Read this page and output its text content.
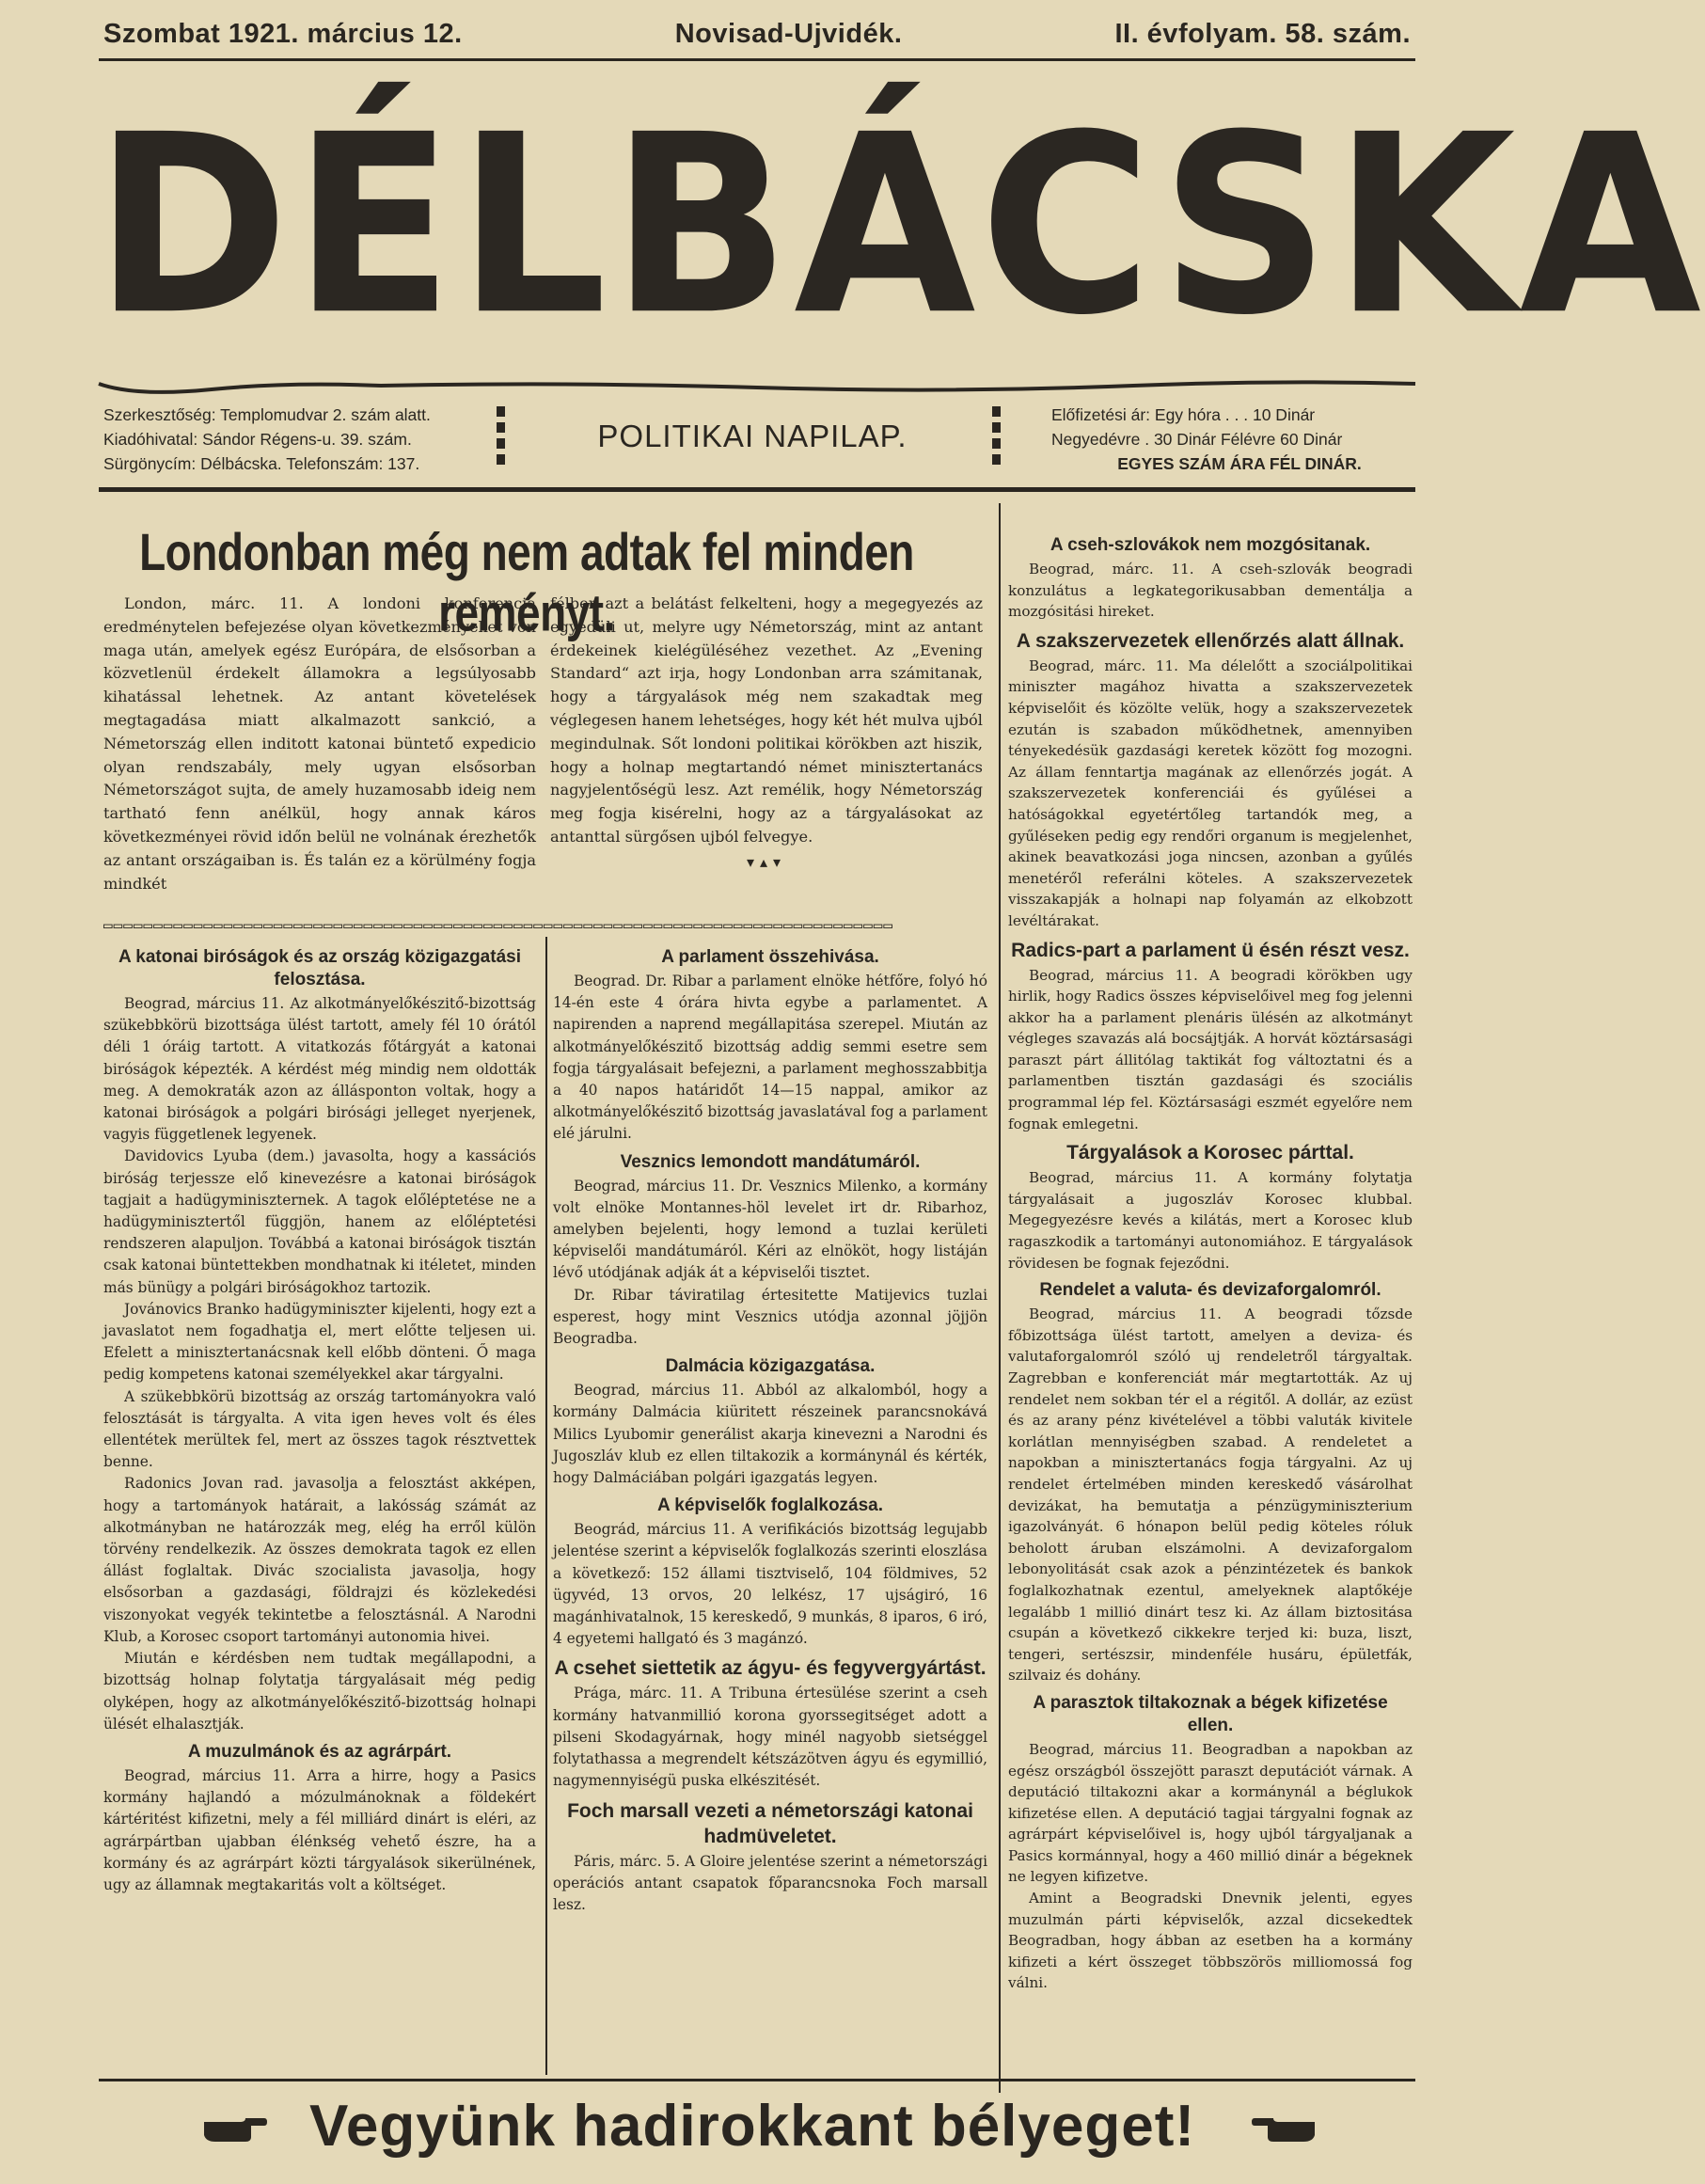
Szombat 1921. március 12.	Novisad-Ujvidék.	II. évfolyam. 58. szám.
DÉLBÁCSKA
Szerkesztőség: Templomudvar 2. szám alatt.
Kiadóhivatal: Sándor Régens-u. 39. szám.
Sürgönycím: Délbácska. Telefonszám: 137.
POLITIKAI NAPILAP.
Előfizetési ár: Egy hóra . . . 10 Dinár
Negyedévre . 30 Dinár Félévre 60 Dinár
EGYES SZÁM ÁRA FÉL DINÁR.
Londonban még nem adtak fel minden reményt.

London, márc. 11. A londoni konferencia eredménytelen befejezése olyan következményeket von maga után, amelyek egész Európára, de elsősorban a közvetlenül érdekelt államokra a legsúlyosabb kihatással lehetnek. Az antant követelések megtagadása miatt alkalmazott sankció, a Németország ellen inditott katonai büntető expedicio olyan rendszabály, mely ugyan elsősorban Németországot sujta, de amely huzamosabb ideig nem tartható fenn anélkül, hogy annak káros következményei rövid időn belül ne volnának érezhetők az antant országaiban is. És talán ez a körülmény fogja mindkét

félben azt a belátást felkelteni, hogy a megegyezés az egyedüli ut, melyre ugy Németország, mint az antant érdekeinek kielégüléséhez vezethet. Az „Evening Standard“ azt irja, hogy Londonban arra számitanak, hogy a tárgyalások még nem szakadtak meg véglegesen hanem lehetséges, hogy két hét mulva ujból megindulnak. Sőt londoni politikai körökben azt hiszik, hogy a holnap megtartandó német minisztertanács nagyjelentőségü lesz. Azt remélik, hogy Németország meg fogja kisérelni, hogy az a tárgyalásokat az antanttal sürgősen ujból felvegye.

▾▴▾
▭▭▭▭▭▭▭▭▭▭▭▭▭▭▭▭▭▭▭▭▭▭▭▭▭▭▭▭▭▭▭▭▭▭▭▭▭▭▭▭▭▭▭▭▭▭▭▭▭▭▭▭▭▭▭▭▭▭▭▭▭▭▭▭▭▭▭▭▭▭▭▭▭▭▭▭▭▭▭
A katonai biróságok és az ország közigazgatási felosztása.

Beograd, március 11. Az alkotmányelőkészitő-bizottság szükebbkörü bizottsága ülést tartott, amely fél 10 órától déli 1 óráig tartott. A vitatkozás főtárgyát a katonai biróságok képezték. A kérdést még mindig nem oldották meg. A demokraták azon az állásponton voltak, hogy a katonai biróságok a polgári birósági jelleget nyerjenek, vagyis függetlenek legyenek.

Davidovics Lyuba (dem.) javasolta, hogy a kassációs biróság terjessze elő kinevezésre a katonai biróságok tagjait a hadügyminiszternek. A tagok előléptetése ne a hadügyminisztertől függjön, hanem az előléptetési rendszeren alapuljon. Továbbá a katonai biróságok tisztán csak katonai büntettekben mondhatnak ki itéletet, minden más bünügy a polgári biróságokhoz tartozik.

Jovánovics Branko hadügyminiszter kijelenti, hogy ezt a javaslatot nem fogadhatja el, mert előtte teljesen ui. Efelett a minisztertanácsnak kell előbb dönteni. Ő maga pedig kompetens katonai személyekkel akar tárgyalni.

A szükebbkörü bizottság az ország tartományokra való felosztását is tárgyalta. A vita igen heves volt és éles ellentétek merültek fel, mert az összes tagok résztvettek benne.

Radonics Jovan rad. javasolja a felosztást akképen, hogy a tartományok határait, a lakósság számát az alkotmányban ne határozzák meg, elég ha erről külön törvény rendelkezik. Az összes demokrata tagok ez ellen állást foglaltak. Divác szocialista javasolja, hogy elsősorban a gazdasági, földrajzi és közlekedési viszonyokat vegyék tekintetbe a felosztásnál. A Narodni Klub, a Korosec csoport tartományi autonomia hivei.

Miután e kérdésben nem tudtak megállapodni, a bizottság holnap folytatja tárgyalásait még pedig olyképen, hogy az alkotmányelőkészitő-bizottság holnapi ülését elhalasztják.

A muzulmánok és az agrárpárt.

Beograd, március 11. Arra a hirre, hogy a Pasics kormány hajlandó a mózulmánoknak a földekért kártéritést kifizetni, mely a fél milliárd dinárt is eléri, az agrárpártban ujabban élénkség vehető észre, ha a kormány és az agrárpárt közti tárgyalások sikerülnének, ugy az államnak megtakaritás volt a költséget.

A parlament összehivása.

Beograd. Dr. Ribar a parlament elnöke hétfőre, folyó hó 14-én este 4 órára hivta egybe a parlamentet. A napirenden a naprend megállapitása szerepel. Miután az alkotmányelőkészitő bizottság addig semmi esetre sem fogja tárgyalásait befejezni, a parlament meghosszabbitja a 40 napos határidőt 14—15 nappal, amikor az alkotmányelőkészitő bizottság javaslatával fog a parlament elé járulni.

Vesznics lemondott mandátumáról.

Beograd, március 11. Dr. Vesznics Milenko, a kormány volt elnöke Montannes-höl levelet irt dr. Ribarhoz, amelyben bejelenti, hogy lemond a tuzlai kerületi képviselői mandátumáról. Kéri az elnököt, hogy listáján lévő utódjának adják át a képviselői tisztet.

Dr. Ribar táviratilag értesitette Matijevics tuzlai esperest, hogy mint Vesznics utódja azonnal jöjjön Beogradba.

Dalmácia közigazgatása.

Beograd, március 11. Abból az alkalomból, hogy a kormány Dalmácia kiüritett részeinek parancsnokává Milics Lyubomir generálist akarja kinevezni a Narodni és Jugoszláv klub ez ellen tiltakozik a kormánynál és kérték, hogy Dalmáciában polgári igazgatás legyen.

A képviselők foglalkozása.

Beográd, március 11. A verifikációs bizottság legujabb jelentése szerint a képviselők foglalkozás szerinti eloszlása a következő: 152 állami tisztviselő, 104 földmives, 52 ügyvéd, 13 orvos, 20 lelkész, 17 ujságiró, 16 magánhivatalnok, 15 kereskedő, 9 munkás, 8 iparos, 6 iró, 4 egyetemi hallgató és 3 magánzó.

A csehet siettetik az ágyu- és fegyvergyártást.

Prága, márc. 11. A Tribuna értesülése szerint a cseh kormány hatvanmillió korona gyorssegitséget adott a pilseni Skodagyárnak, hogy minél nagyobb sietséggel folytathassa a megrendelt kétszázötven ágyu és egymillió, nagymennyiségü puska elkészitését.

Foch marsall vezeti a németországi katonai hadmüveletet.

Páris, márc. 5. A Gloire jelentése szerint a németországi operációs antant csapatok főparancsnoka Foch marsall lesz.

A cseh-szlovákok nem mozgósitanak.

Beograd, márc. 11. A cseh-szlovák beogradi konzulátus a legkategorikusabban dementálja a mozgósitási hireket.

A szakszervezetek ellenőrzés alatt állnak.

Beograd, márc. 11. Ma délelőtt a szociálpolitikai miniszter magához hivatta a szakszervezetek képviselőit és közölte velük, hogy a szakszervezetek ezután is szabadon működhetnek, amennyiben tényekedésük gazdasági keretek között fog mozogni. Az állam fenntartja magának az ellenőrzés jogát. A szakszervezetek konferenciái és gyűlései a hatóságokkal egyetértőleg tartandók meg, a gyűléseken pedig egy rendőri organum is megjelenhet, akinek beavatkozási joga nincsen, azonban a gyűlés menetéről referálni köteles. A szakszervezetek visszakapják a holnapi nap folyamán az elkobzott levéltárakat.

Radics-part a parlament ü ésén részt vesz.

Beograd, március 11. A beogradi körökben ugy hirlik, hogy Radics összes képviselőivel meg fog jelenni akkor ha a parlament plenáris ülésén az alkotmányt végleges szavazás alá bocsájtják. A horvát köztársasági paraszt párt állitólag taktikát fog változtatni és a parlamentben tisztán gazdasági és szociális programmal lép fel. Köztársasági eszmét egyelőre nem fognak emlegetni.

Tárgyalások a Korosec párttal.

Beograd, március 11. A kormány folytatja tárgyalásait a jugoszláv Korosec klubbal. Megegyezésre kevés a kilátás, mert a Korosec klub ragaszkodik a tartományi autonomiához. E tárgyalások rövidesen be fognak fejeződni.

Rendelet a valuta- és devizaforgalomról.

Beograd, március 11. A beogradi tőzsde főbizottsága ülést tartott, amelyen a deviza- és valutaforgalomról szóló uj rendeletről tárgyaltak. Zagrebban e konferenciát már megtartották. Az uj rendelet nem sokban tér el a régitől. A dollár, az ezüst és az arany pénz kivételével a többi valuták kivitele korlátlan mennyiségben szabad. A rendeletet a napokban a minisztertanács fogja tárgyalni. Az uj rendelet értelmében minden kereskedő vásárolhat devizákat, ha bemutatja a pénzügyminiszterium igazolványát. 6 hónapon belül pedig köteles róluk beholott áruban elszámolni. A devizaforgalom lebonyolitását csak azok a pénzintézetek és bankok foglalkozhatnak ezentul, amelyeknek alaptőkéje legalább 1 millió dinárt tesz ki. Az állam biztositása csupán a következő cikkekre terjed ki: buza, liszt, tengeri, sertészsir, mindenféle husáru, épületfák, szilvaiz és dohány.

A parasztok tiltakoznak a bégek kifizetése ellen.

Beograd, március 11. Beogradban a napokban az egész országból összejött paraszt deputációt várnak. A deputáció tiltakozni akar a kormánynál a béglukok kifizetése ellen. A deputáció tagjai tárgyalni fognak az agrárpárt képviselőivel is, hogy ujból tárgyaljanak a Pasics kormánnyal, hogy a 460 millió dinár a bégeknek ne legyen kifizetve.

Amint a Beogradski Dnevnik jelenti, egyes muzulmán párti képviselők, azzal dicsekedtek Beogradban, hogy ábban az esetben ha a kormány kifizeti a kért összeget többszörös milliomossá fog válni.

Vegyünk hadirokkant bélyeget!
